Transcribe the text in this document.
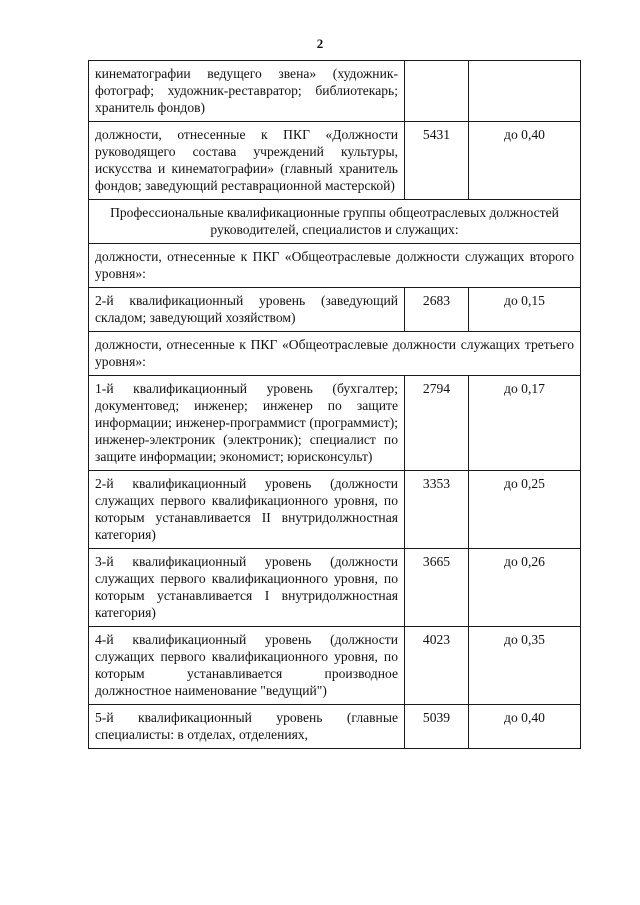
2
кинематографии ведущего звена» (художник-фотограф; художник-реставратор; библиотекарь; хранитель фондов)		
должности, отнесенные к ПКГ «Должности руководящего состава учреждений культуры, искусства и кинематографии» (главный хранитель фондов; заведующий реставрационной мастерской)	5431	до 0,40
Профессиональные квалификационные группы общеотраслевых должностей руководителей, специалистов и служащих:		
должности, отнесенные к ПКГ «Общеотраслевые должности служащих второго уровня»:		
2-й квалификационный уровень (заведующий складом; заведующий хозяйством)	2683	до 0,15
должности, отнесенные к ПКГ «Общеотраслевые должности служащих третьего уровня»:		
1-й квалификационный уровень (бухгалтер; документовед; инженер; инженер по защите информации; инженер-программист (программист); инженер-электроник (электроник); специалист по защите информации; экономист; юрисконсульт)	2794	до 0,17
2-й квалификационный уровень (должности служащих первого квалификационного уровня, по которым устанавливается II внутридолжностная категория)	3353	до 0,25
3-й квалификационный уровень (должности служащих первого квалификационного уровня, по которым устанавливается I внутридолжностная категория)	3665	до 0,26
4-й квалификационный уровень (должности служащих первого квалификационного уровня, по которым устанавливается производное должностное наименование "ведущий")	4023	до 0,35
5-й квалификационный уровень (главные специалисты: в отделах, отделениях,	5039	до 0,40
